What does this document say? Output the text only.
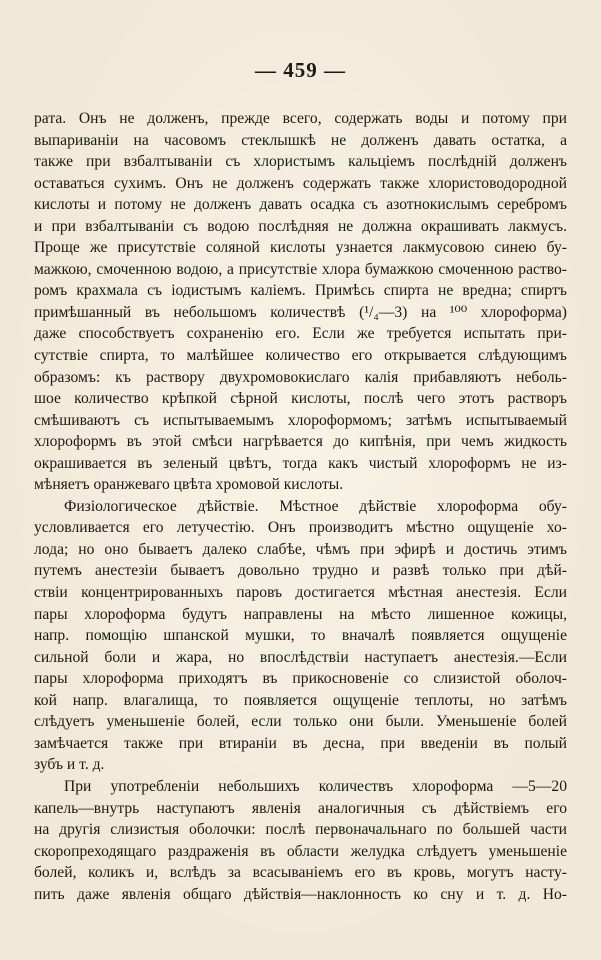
— 459 —
рата. Онъ не долженъ, прежде всего, содержать воды и потому при
выпариваніи на часовомъ стеклышкѣ не долженъ давать остатка, а
также при взбалтываніи съ хлористымъ кальціемъ послѣдній долженъ
оставаться сухимъ. Онъ не долженъ содержать также хлористоводородной
кислоты и потому не долженъ давать осадка съ азотнокислымъ серебромъ
и при взбалтываніи съ водою послѣдняя не должна окрашивать лакмусъ.
Проще же присутствіе соляной кислоты узнается лакмусовою синею бу-
мажкою, смоченною водою, а присутствіе хлора бумажкою смоченною раство-
ромъ крахмала съ іодистымъ каліемъ. Примѣсь спирта не вредна; спиртъ
примѣшанный въ небольшомъ количествѣ (¹/₄—3) на ¹⁰⁰ хлороформа)
даже способствуетъ сохраненію его. Если же требуется испытать при-
сутствіе спирта, то малѣйшее количество его открывается слѣдующимъ
образомъ: къ раствору двухромовокислаго калія прибавляютъ неболь-
шое количество крѣпкой сѣрной кислоты, послѣ чего этотъ растворъ
смѣшиваютъ съ испытываемымъ хлороформомъ; затѣмъ испытываемый
хлороформъ въ этой смѣси нагрѣвается до кипѣнія, при чемъ жидкость
окрашивается въ зеленый цвѣтъ, тогда какъ чистый хлороформъ не из-
мѣняетъ оранжеваго цвѣта хромовой кислоты.
Физіологическое дѣйствіе. Мѣстное дѣйствіе хлороформа обу-
условливается его летучестію. Онъ производитъ мѣстно ощущеніе хо-
лода; но оно бываетъ далеко слабѣе, чѣмъ при эфирѣ и достичь этимъ
путемъ анестезіи бываетъ довольно трудно и развѣ только при дѣй-
ствіи концентрированныхъ паровъ достигается мѣстная анестезія. Если
пары хлороформа будутъ направлены на мѣсто лишенное кожицы,
напр. помощію шпанской мушки, то вначалѣ появляется ощущеніе
сильной боли и жара, но впослѣдствіи наступаетъ анестезія.—Если
пары хлороформа приходятъ въ прикосновеніе со слизистой оболоч-
кой напр. влагалища, то появляется ощущеніе теплоты, но затѣмъ
слѣдуетъ уменьшеніе болей, если только они были. Уменьшеніе болей
замѣчается также при втираніи въ десна, при введеніи въ полый
зубъ и т. д.
При употребленіи небольшихъ количествъ хлороформа —5—20
капель—внутрь наступаютъ явленія аналогичныя съ дѣйствіемъ его
на другія слизистыя оболочки: послѣ первоначальнаго по большей части
скоропреходящаго раздраженія въ области желудка слѣдуетъ уменьшеніе
болей, коликъ и, вслѣдъ за всасываніемъ его въ кровь, могутъ насту-
пить даже явленія общаго дѣйствія—наклонность ко сну и т. д. Но-
